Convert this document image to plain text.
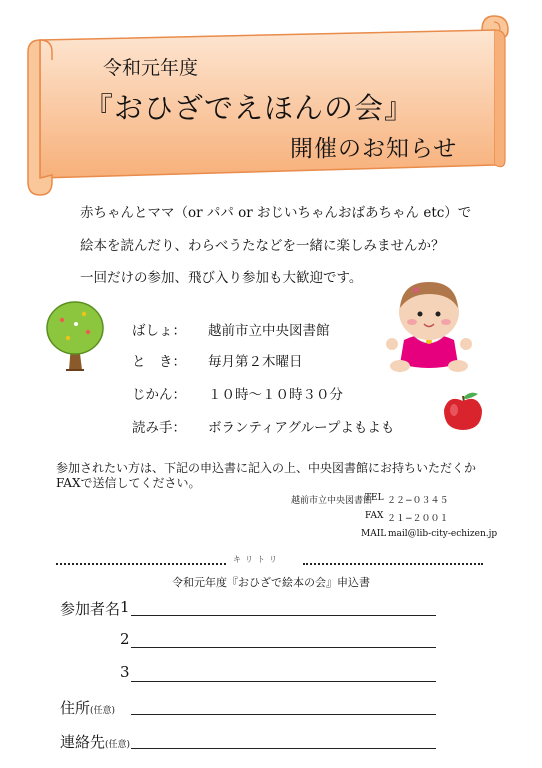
令和元年度
『おひざでえほんの会』
開催のお知らせ
赤ちゃんとママ（or パパ or おじいちゃんおばあちゃん etc）で
絵本を読んだり、わらべうたなどを一緒に楽しみませんか？
一回だけの参加、飛び入り参加も大歓迎です。
ばしょ： 越前市立中央図書館
と　き： 毎月第２木曜日
じかん： １０時〜１０時３０分
読み手： ボランティアグループよもよも
参加されたい方は、下記の申込書に記入の上、中央図書館にお持ちいただくか
FAXで送信してください。
越前市立中央図書館
TEL ２２−０３４５
FAX ２１−２００１
MAIL mail@lib-city-echizen.jp
キリトリ
令和元年度『おひざで絵本の会』申込書
参加者名 1
2
3
住所(任意)
連絡先(任意)
